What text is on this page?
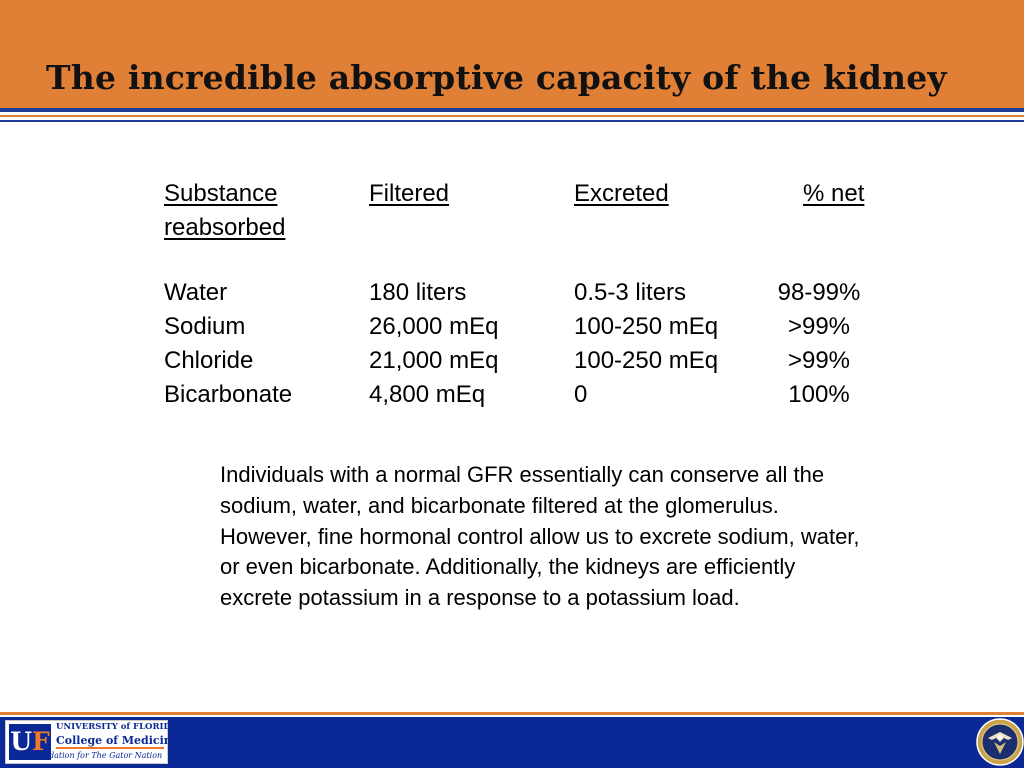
The incredible absorptive capacity of the kidney
Substance	Filtered	Excreted	% net
reabsorbed
Water	180 liters	0.5-3 liters	98-99%
Sodium	26,000 mEq	100-250 mEq	>99%
Chloride	21,000 mEq	100-250 mEq	>99%
Bicarbonate	4,800 mEq	0	100%

Individuals with a normal GFR essentially can conserve all the sodium, water, and bicarbonate filtered at the glomerulus. However, fine hormonal control allow us to excrete sodium, water, or even bicarbonate. Additionally, the kidneys are efficiently excrete potassium in a response to a potassium load.

UF UNIVERSITY of FLORIDA
College of Medicine
The Foundation for The Gator Nation
